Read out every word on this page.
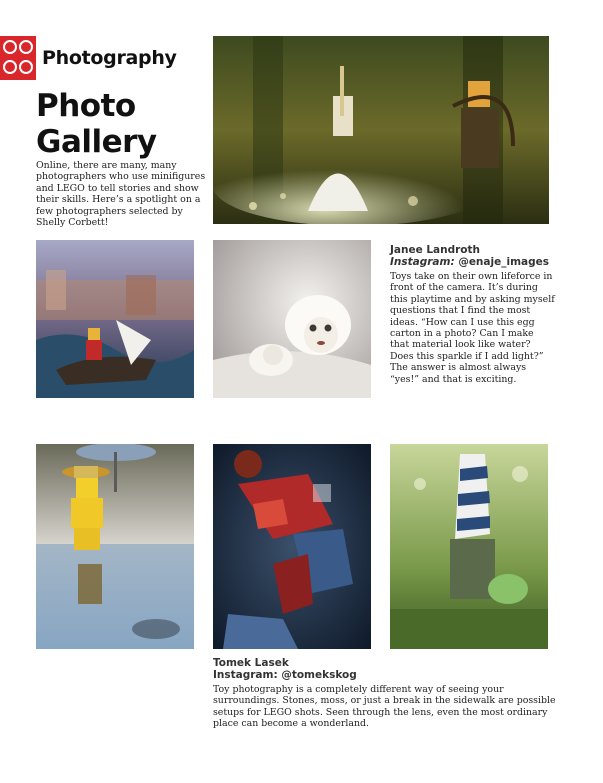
Photography
Photo
Gallery
Online, there are many, many photographers who use minifigures and LEGO to tell stories and show their skills. Here’s a spotlight on a few photographers selected by Shelly Corbett!
Janee Landroth
Instagram: @enaje_images
Toys take on their own lifeforce in front of the camera. It’s during this playtime and by asking myself questions that I find the most ideas. “How can I use this egg carton in a photo? Can I make that material look like water? Does this sparkle if I add light?” The answer is almost always “yes!” and that is exciting.
Tomek Lasek
Instagram: @tomekskog
Toy photography is a completely different way of seeing your surroundings. Stones, moss, or just a break in the sidewalk are possible setups for LEGO shots. Seen through the lens, even the most ordinary place can become a wonderland.
